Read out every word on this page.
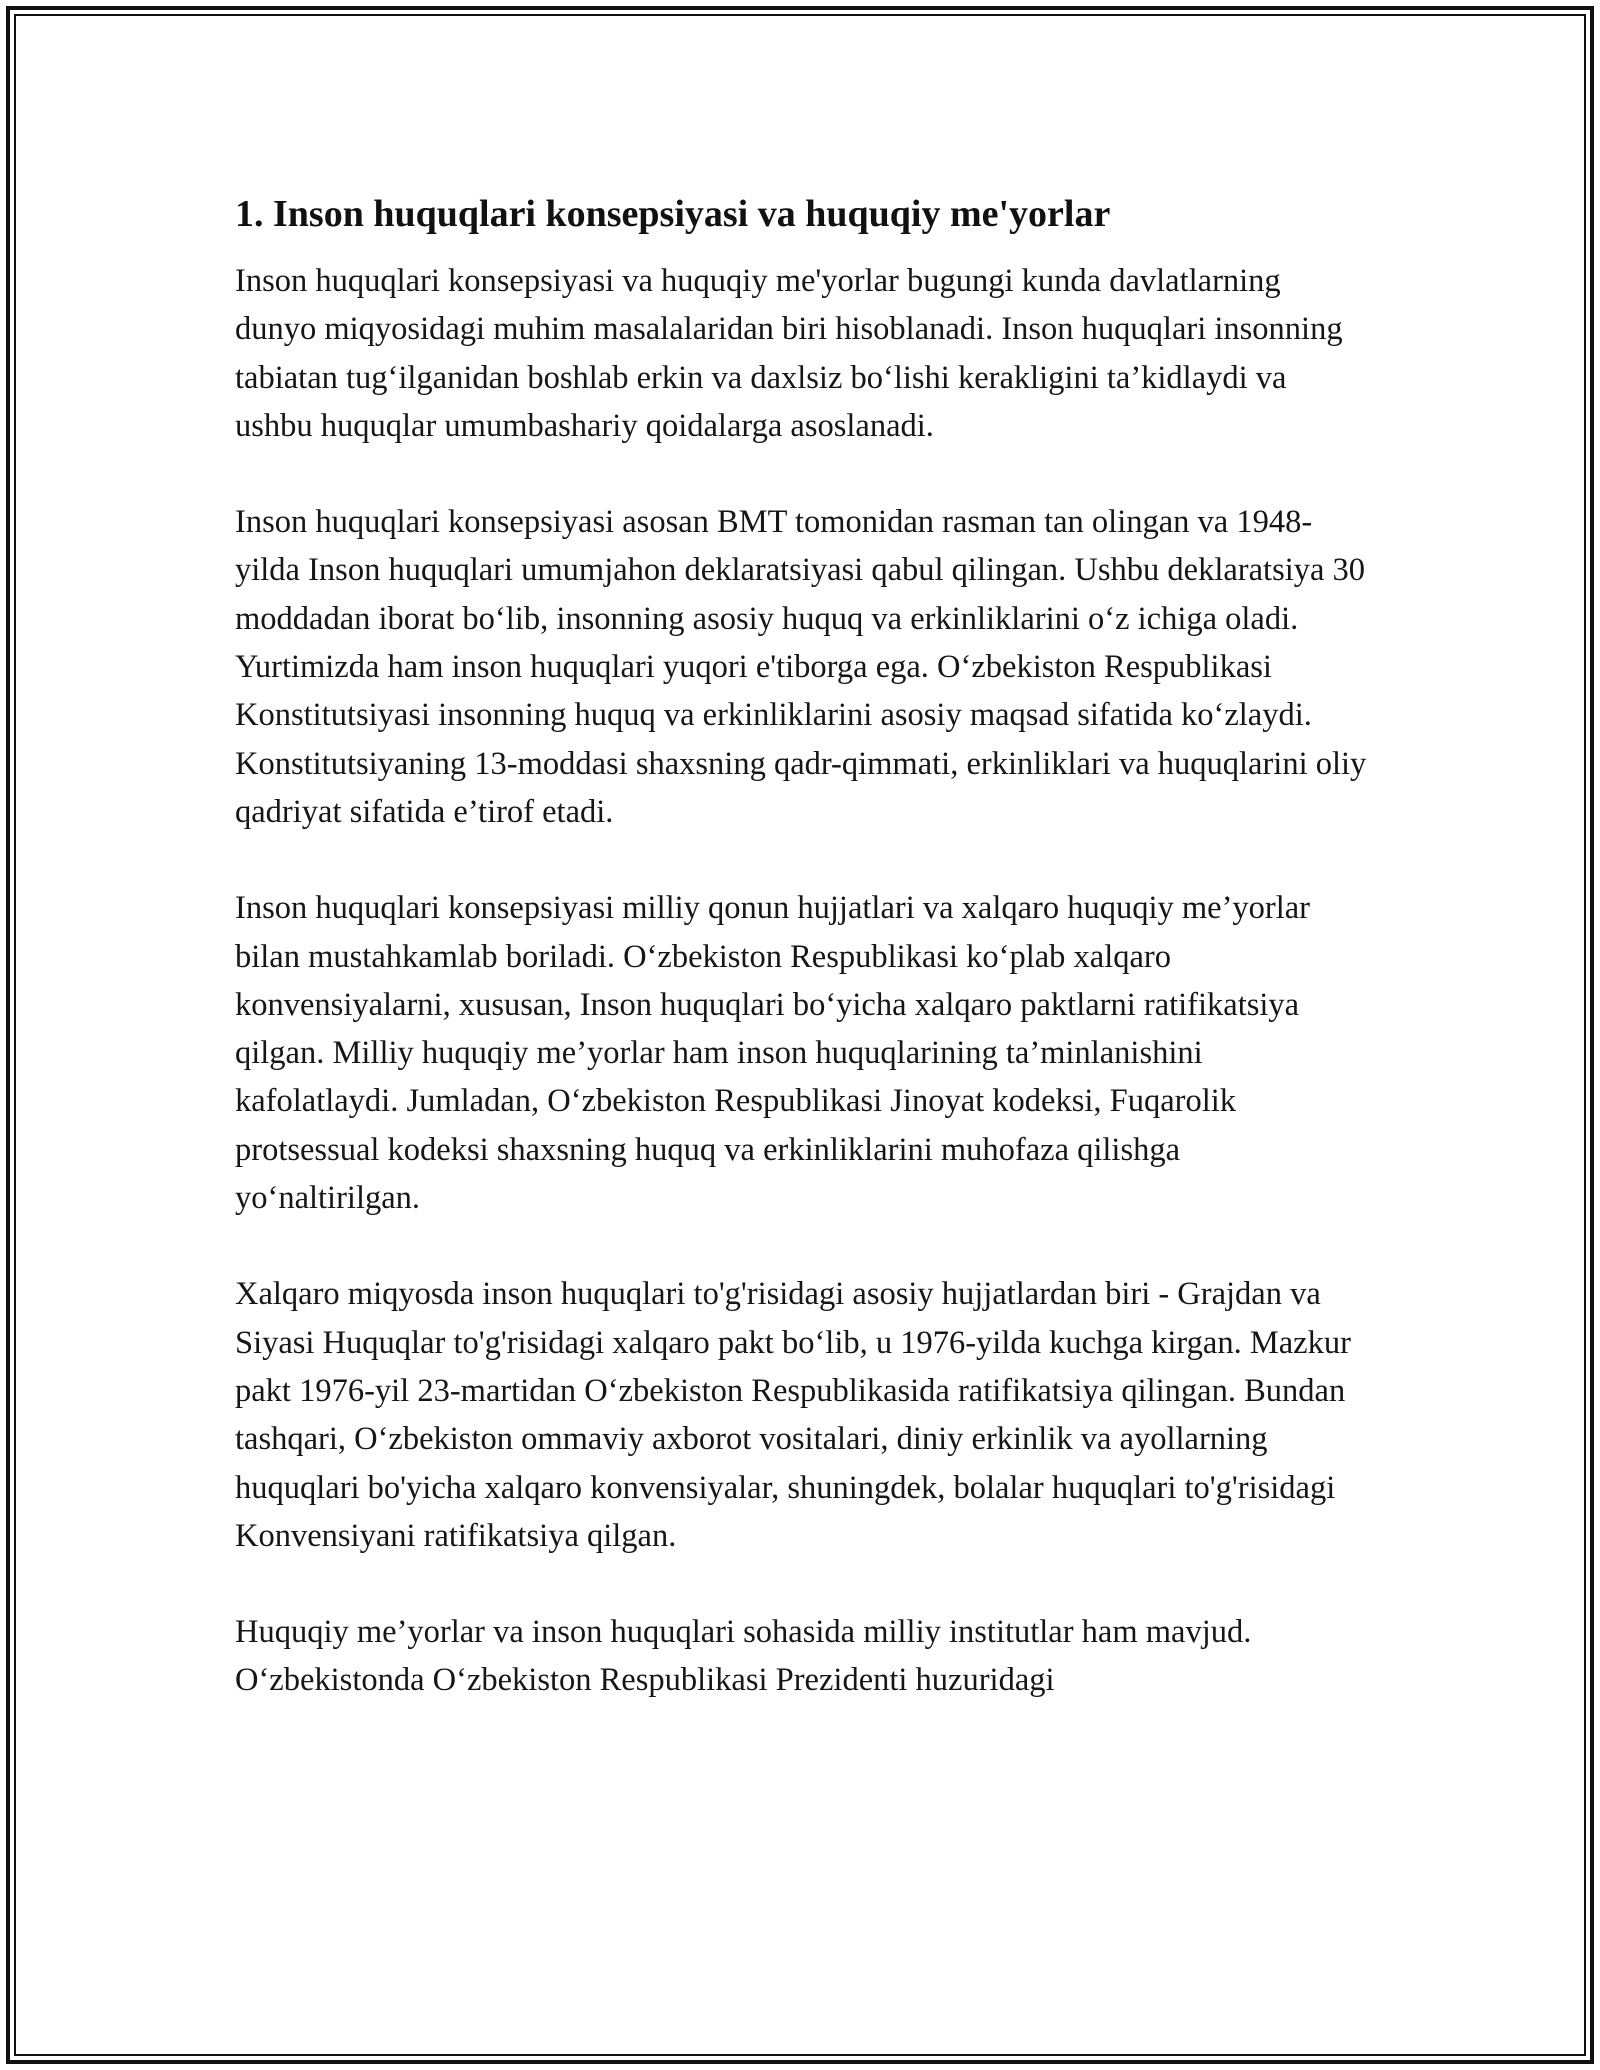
1. Inson huquqlari konsepsiyasi va huquqiy me'yorlar

Inson huquqlari konsepsiyasi va huquqiy me'yorlar bugungi kunda davlatlarning dunyo miqyosidagi muhim masalalaridan biri hisoblanadi. Inson huquqlari insonning tabiatan tug‘ilganidan boshlab erkin va daxlsiz bo‘lishi kerakligini ta’kidlaydi va ushbu huquqlar umumbashariy qoidalarga asoslanadi.

Inson huquqlari konsepsiyasi asosan BMT tomonidan rasman tan olingan va 1948-yilda Inson huquqlari umumjahon deklaratsiyasi qabul qilingan. Ushbu deklaratsiya 30 moddadan iborat bo‘lib, insonning asosiy huquq va erkinliklarini o‘z ichiga oladi. Yurtimizda ham inson huquqlari yuqori e'tiborga ega. O‘zbekiston Respublikasi Konstitutsiyasi insonning huquq va erkinliklarini asosiy maqsad sifatida ko‘zlaydi. Konstitutsiyaning 13-moddasi shaxsning qadr-qimmati, erkinliklari va huquqlarini oliy qadriyat sifatida e’tirof etadi.

Inson huquqlari konsepsiyasi milliy qonun hujjatlari va xalqaro huquqiy me’yorlar bilan mustahkamlab boriladi. O‘zbekiston Respublikasi ko‘plab xalqaro konvensiyalarni, xususan, Inson huquqlari bo‘yicha xalqaro paktlarni ratifikatsiya qilgan. Milliy huquqiy me’yorlar ham inson huquqlarining ta’minlanishini kafolatlaydi. Jumladan, O‘zbekiston Respublikasi Jinoyat kodeksi, Fuqarolik protsessual kodeksi shaxsning huquq va erkinliklarini muhofaza qilishga yo‘naltirilgan.

Xalqaro miqyosda inson huquqlari to'g'risidagi asosiy hujjatlardan biri - Grajdan va Siyasi Huquqlar to'g'risidagi xalqaro pakt bo‘lib, u 1976-yilda kuchga kirgan. Mazkur pakt 1976-yil 23-martidan O‘zbekiston Respublikasida ratifikatsiya qilingan. Bundan tashqari, O‘zbekiston ommaviy axborot vositalari, diniy erkinlik va ayollarning huquqlari bo'yicha xalqaro konvensiyalar, shuningdek, bolalar huquqlari to'g'risidagi Konvensiyani ratifikatsiya qilgan.

Huquqiy me’yorlar va inson huquqlari sohasida milliy institutlar ham mavjud. O‘zbekistonda O‘zbekiston Respublikasi Prezidenti huzuridagi
